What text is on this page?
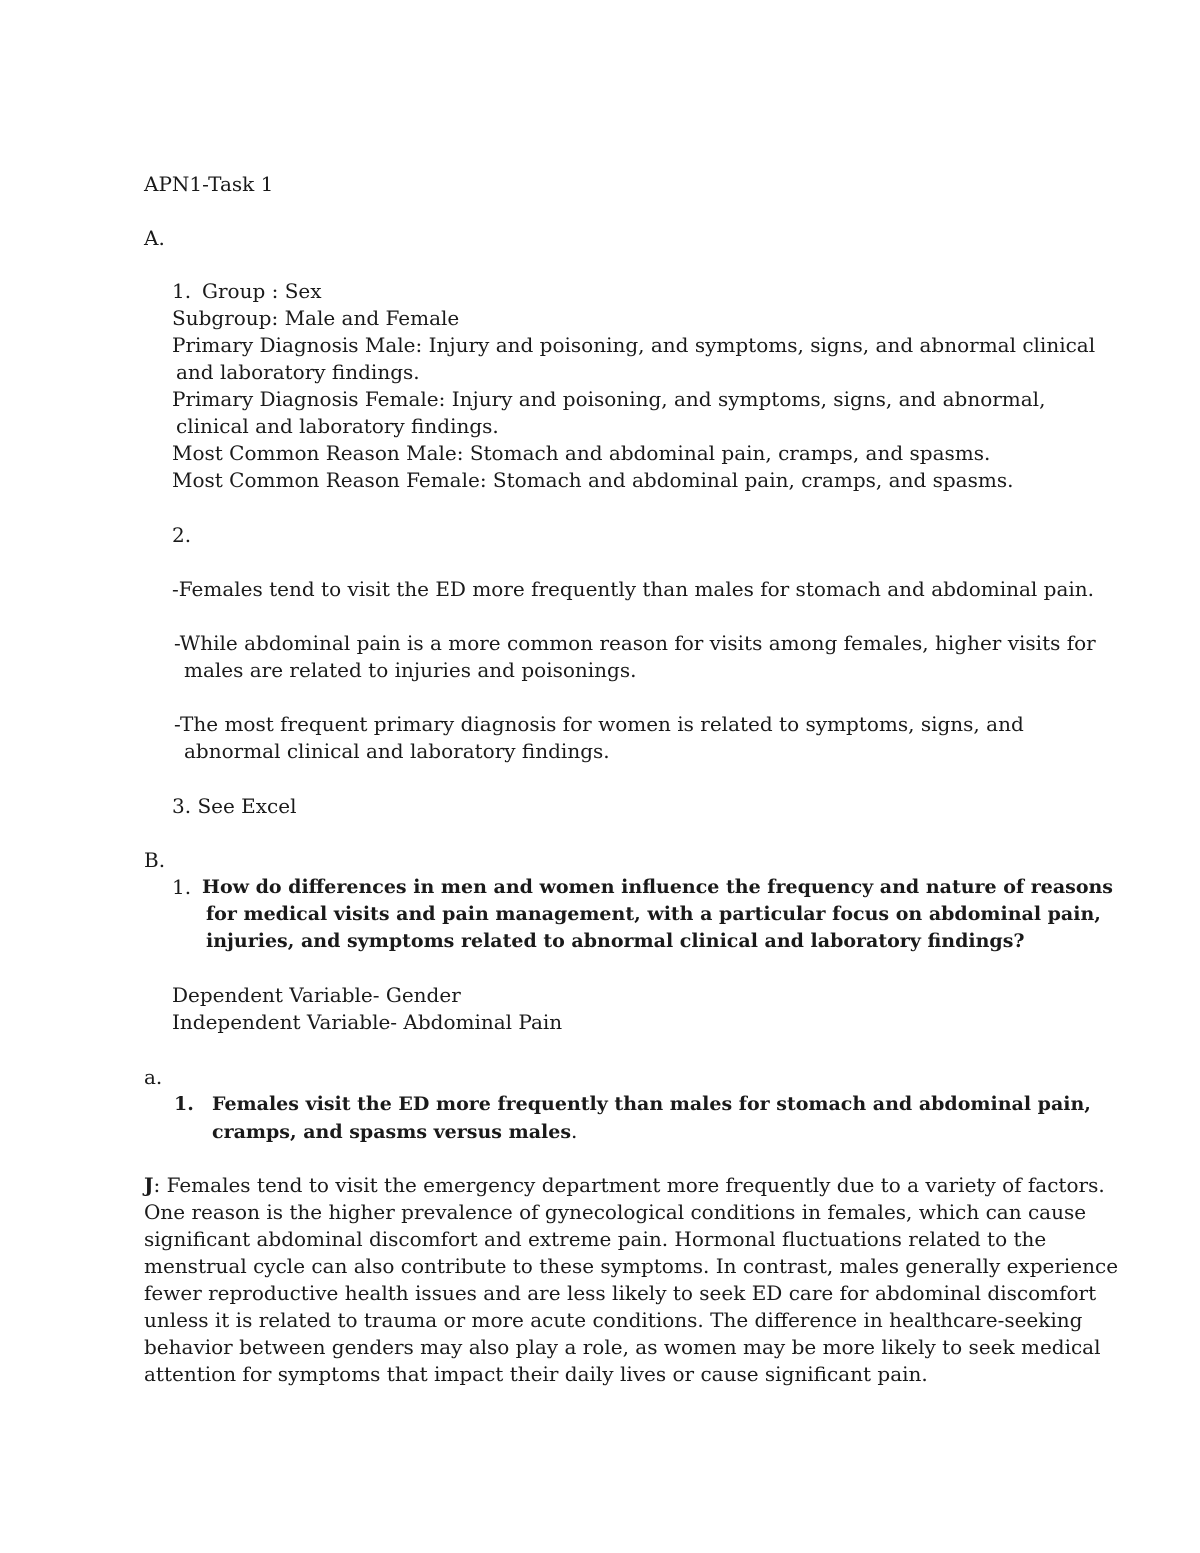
APN1-Task 1
A.
1. Group : Sex
Subgroup: Male and Female
Primary Diagnosis Male: Injury and poisoning, and symptoms, signs, and abnormal clinical
and laboratory findings.
Primary Diagnosis Female: Injury and poisoning, and symptoms, signs, and abnormal,
clinical and laboratory findings.
Most Common Reason Male: Stomach and abdominal pain, cramps, and spasms.
Most Common Reason Female: Stomach and abdominal pain, cramps, and spasms.
2.
-Females tend to visit the ED more frequently than males for stomach and abdominal pain.
-While abdominal pain is a more common reason for visits among females, higher visits for
males are related to injuries and poisonings.
-The most frequent primary diagnosis for women is related to symptoms, signs, and
abnormal clinical and laboratory findings.
3. See Excel
B.
1. How do differences in men and women influence the frequency and nature of reasons
for medical visits and pain management, with a particular focus on abdominal pain,
injuries, and symptoms related to abnormal clinical and laboratory findings?
Dependent Variable- Gender
Independent Variable- Abdominal Pain
a.
1. Females visit the ED more frequently than males for stomach and abdominal pain,
cramps, and spasms versus males.
J: Females tend to visit the emergency department more frequently due to a variety of factors.
One reason is the higher prevalence of gynecological conditions in females, which can cause
significant abdominal discomfort and extreme pain. Hormonal fluctuations related to the
menstrual cycle can also contribute to these symptoms. In contrast, males generally experience
fewer reproductive health issues and are less likely to seek ED care for abdominal discomfort
unless it is related to trauma or more acute conditions. The difference in healthcare-seeking
behavior between genders may also play a role, as women may be more likely to seek medical
attention for symptoms that impact their daily lives or cause significant pain.
